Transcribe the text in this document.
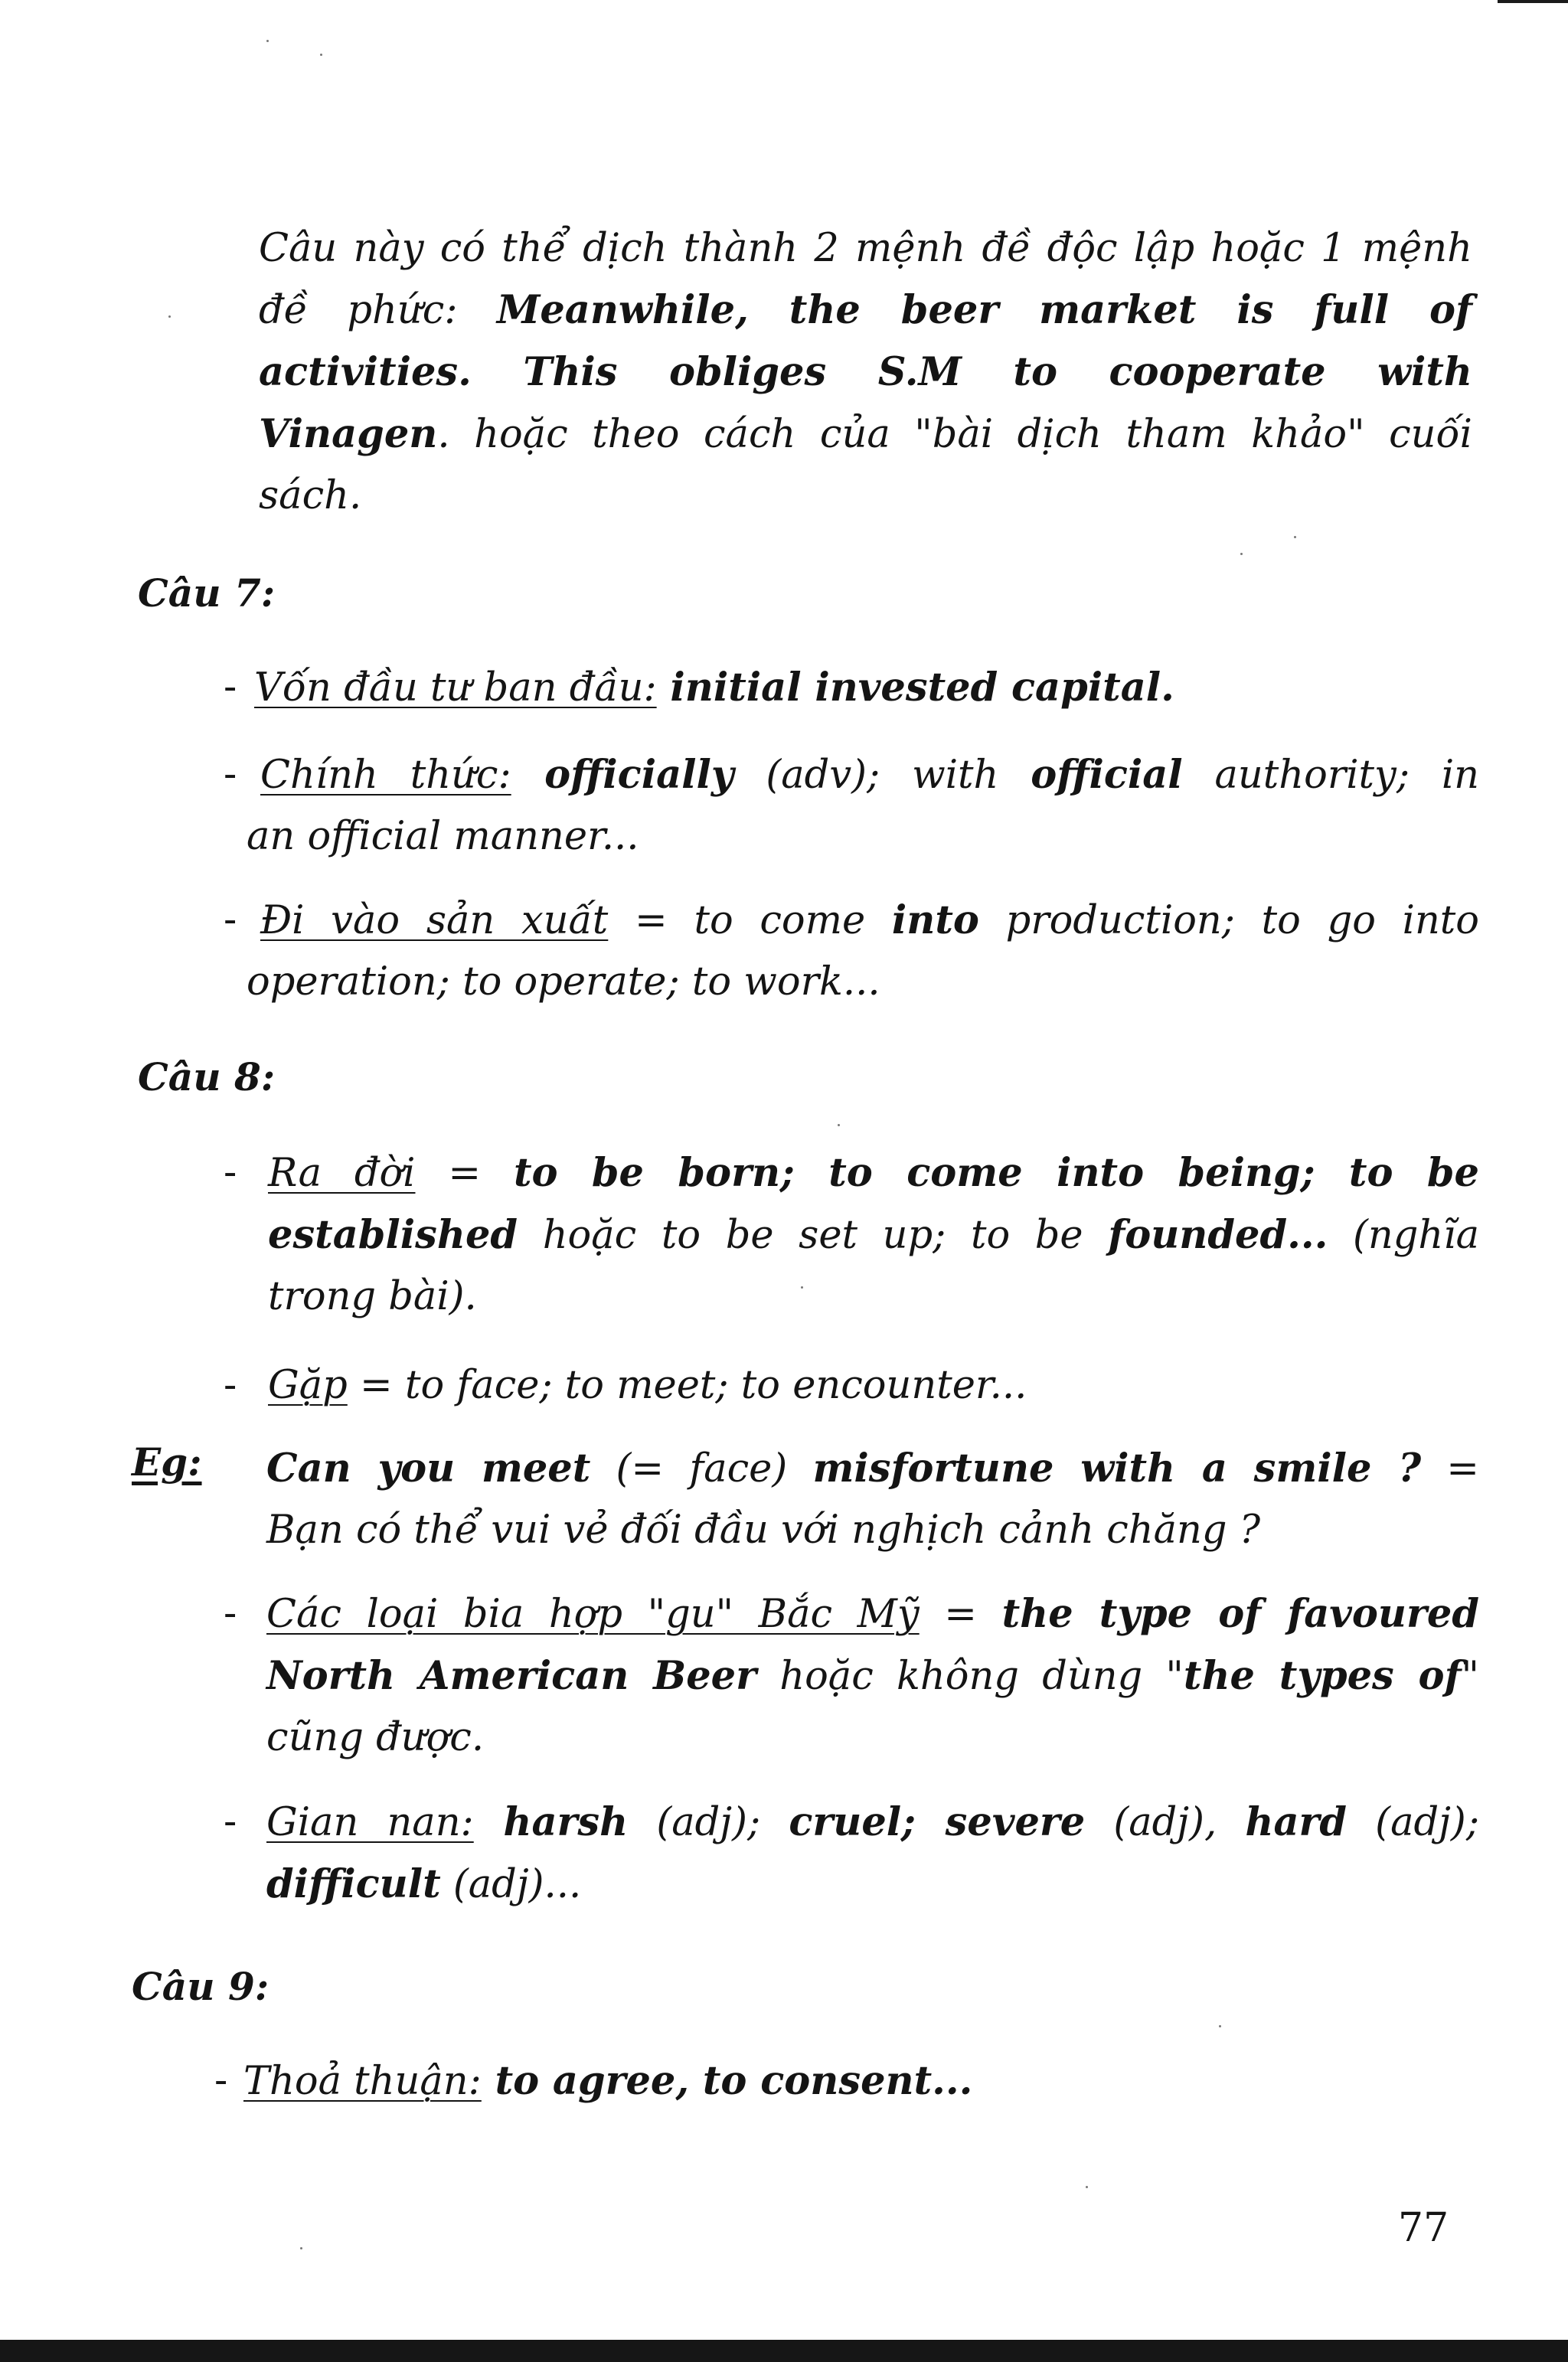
Câu này có thể dịch thành 2 mệnh đề độc lập hoặc 1 mệnh
đề phức: Meanwhile, the beer market is full of
activities. This obliges S.M to cooperate with
Vinagen. hoặc theo cách của "bài dịch tham khảo" cuối
sách.
Câu 7:
- Vốn đầu tư ban đầu: initial invested capital.
- Chính thức: officially (adv); with official authority; in
an official manner...
- Đi vào sản xuất = to come into production; to go into
operation; to operate; to work...
Câu 8:
- Ra đời = to be born; to come into being; to be
established hoặc to be set up; to be founded... (nghĩa
trong bài).
- Gặp = to face; to meet; to encounter...
Eg: Can you meet (= face) misfortune with a smile ? =
Bạn có thể vui vẻ đối đầu với nghịch cảnh chăng ?
- Các loại bia hợp "gu" Bắc Mỹ = the type of favoured
North American Beer hoặc không dùng "the types of"
cũng được.
- Gian nan: harsh (adj); cruel; severe (adj), hard (adj);
difficult (adj)...
Câu 9:
- Thoả thuận: to agree, to consent...
77
